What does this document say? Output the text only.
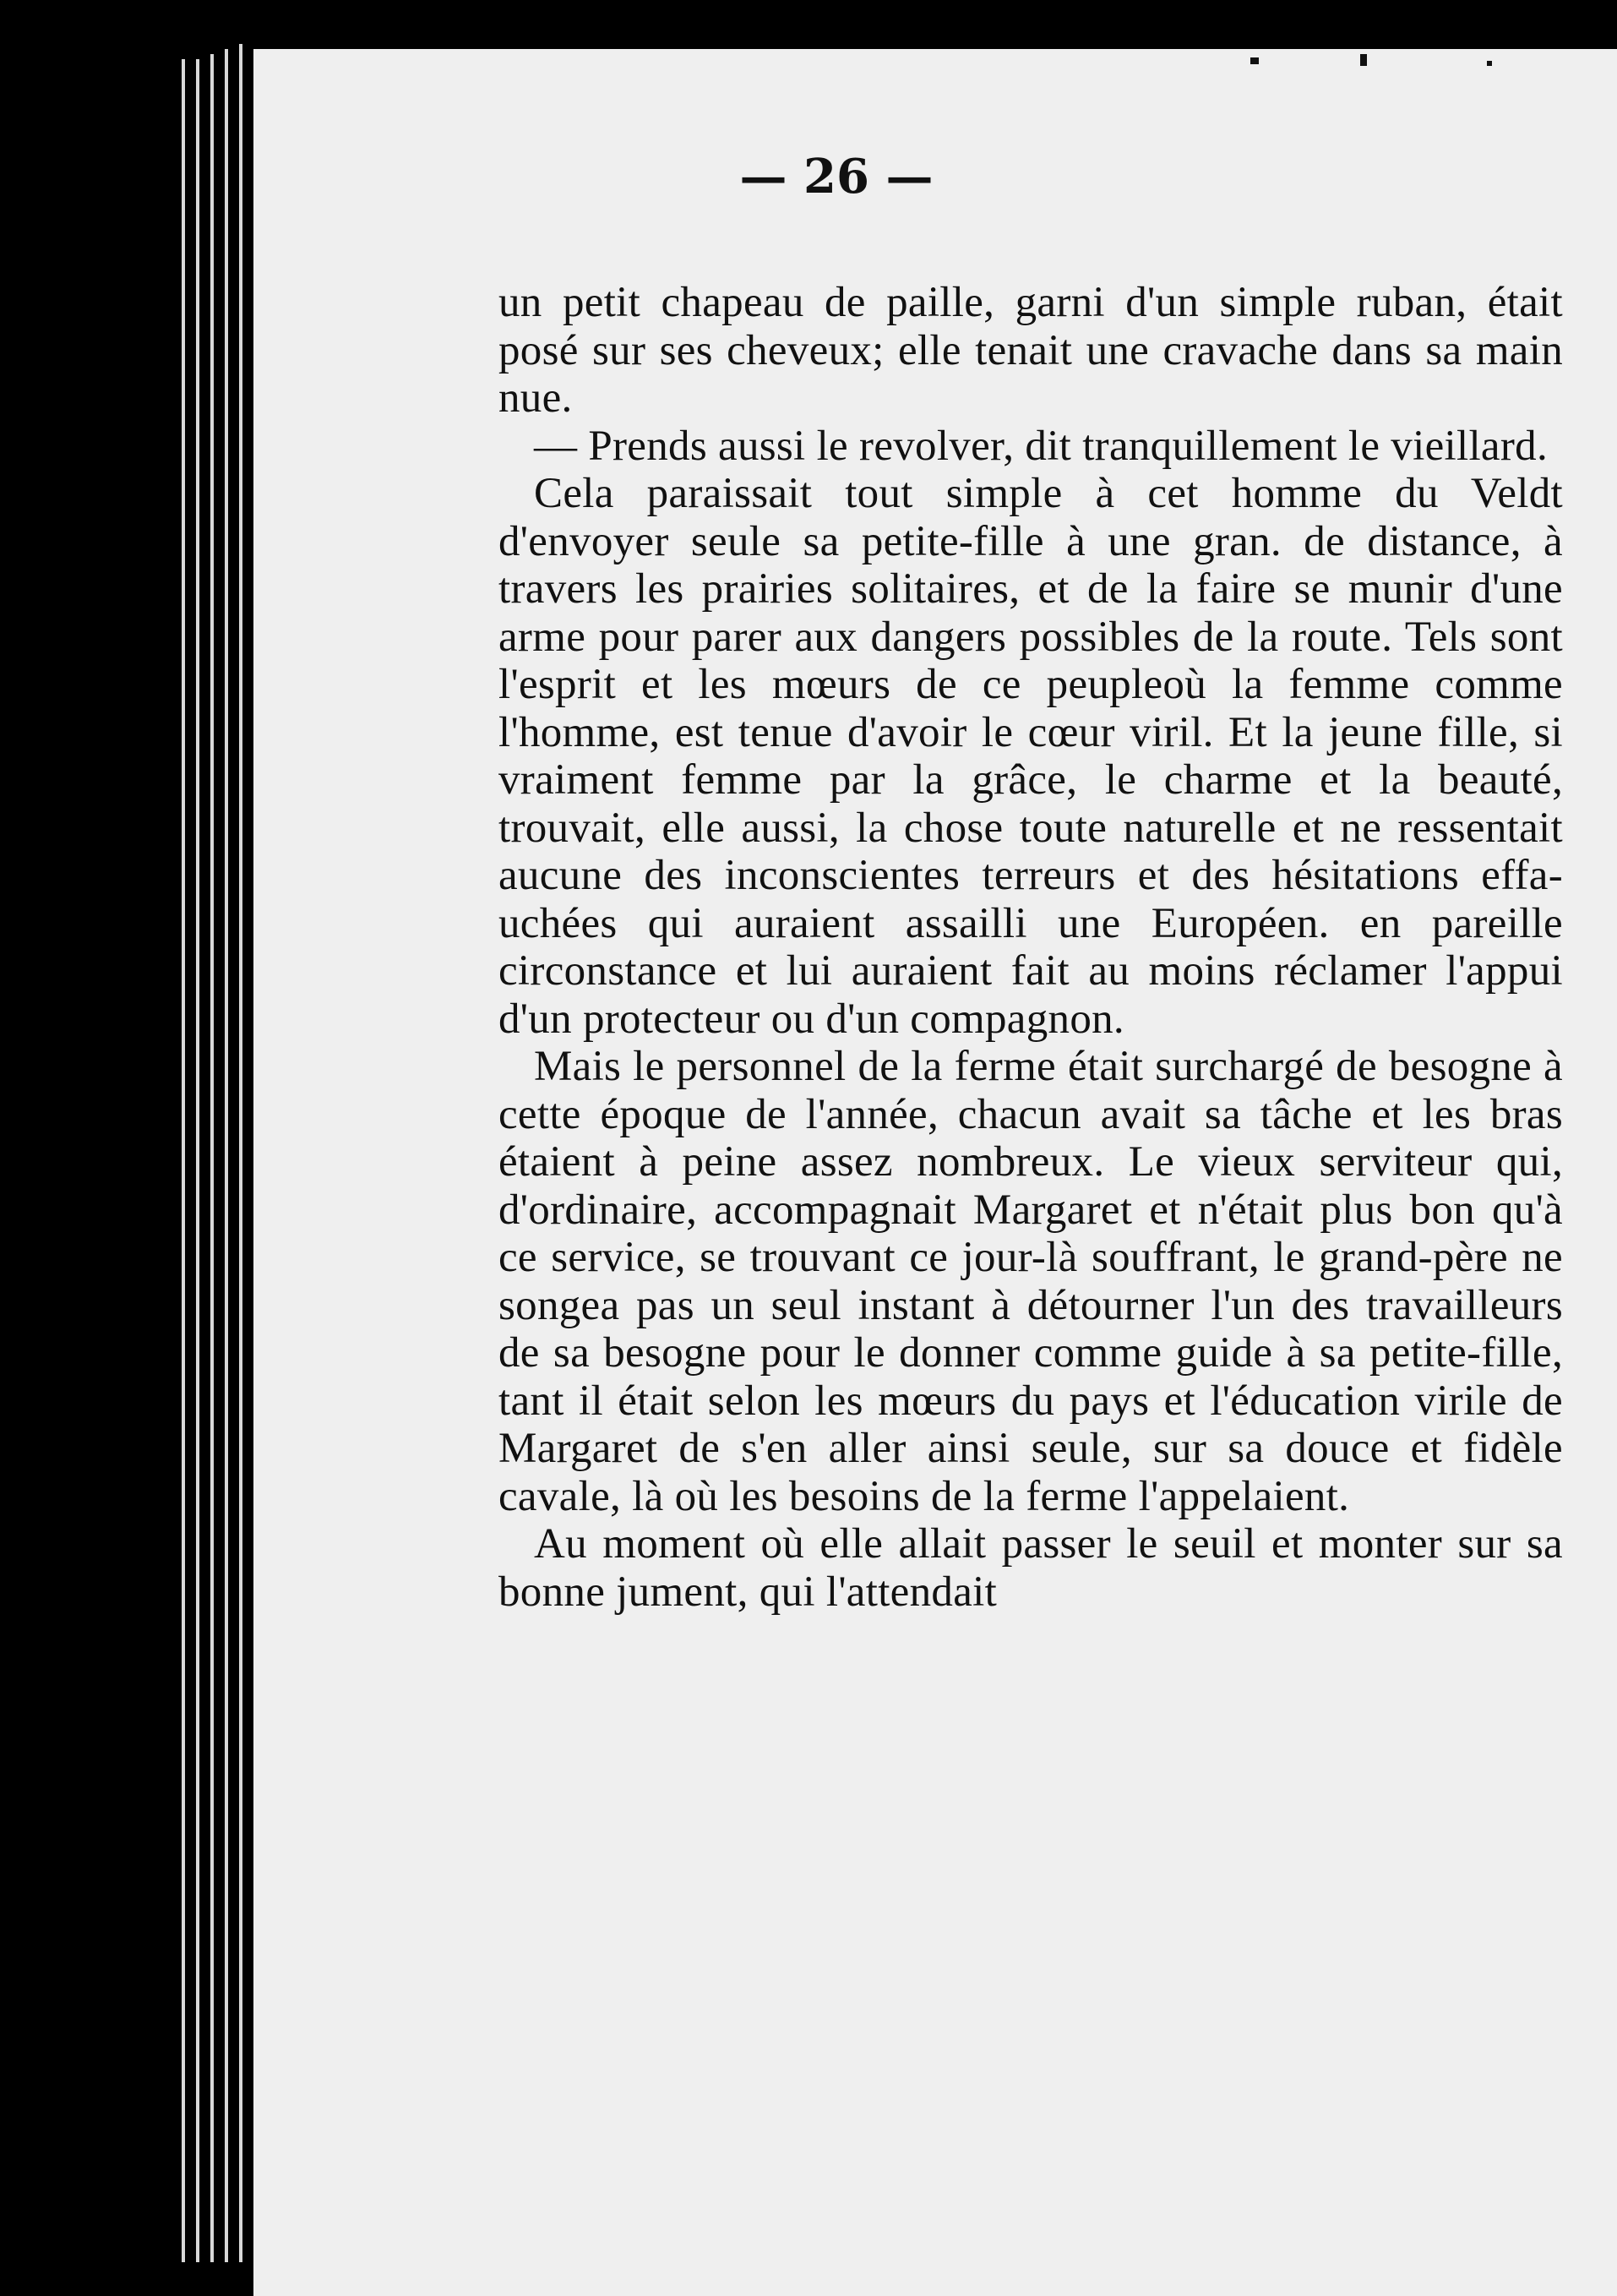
— 26 —

un petit chapeau de paille, garni d'un simple ruban, était posé sur ses cheveux; elle tenait une cravache dans sa main nue.

— Prends aussi le revolver, dit tranquillement le vieillard.

Cela paraissait tout simple à cet homme du Veldt d'envoyer seule sa petite-fille à une gran. de distance, à travers les prairies solitaires, et de la faire se munir d'une arme pour parer aux dangers possibles de la route. Tels sont l'esprit et les mœurs de ce peupleoù la femme comme l'homme, est tenue d'avoir le cœur viril. Et la jeune fille, si vraiment femme par la grâce, le charme et la beauté, trouvait, elle aussi, la chose toute naturelle et ne ressentait aucune des inconscientes terreurs et des hésitations effa- uchées qui auraient assailli une Européen. en pareille circonstance et lui auraient fait au moins réclamer l'appui d'un protecteur ou d'un compagnon.

Mais le personnel de la ferme était surchargé de besogne à cette époque de l'année, chacun avait sa tâche et les bras étaient à peine assez nombreux. Le vieux serviteur qui, d'ordinaire, accompagnait Margaret et n'était plus bon qu'à ce service, se trouvant ce jour-là souffrant, le grand-père ne songea pas un seul instant à détourner l'un des travailleurs de sa besogne pour le donner comme guide à sa petite-fille, tant il était selon les mœurs du pays et l'éducation virile de Margaret de s'en aller ainsi seule, sur sa douce et fidèle cavale, là où les besoins de la ferme l'appelaient.

Au moment où elle allait passer le seuil et monter sur sa bonne jument, qui l'attendait
